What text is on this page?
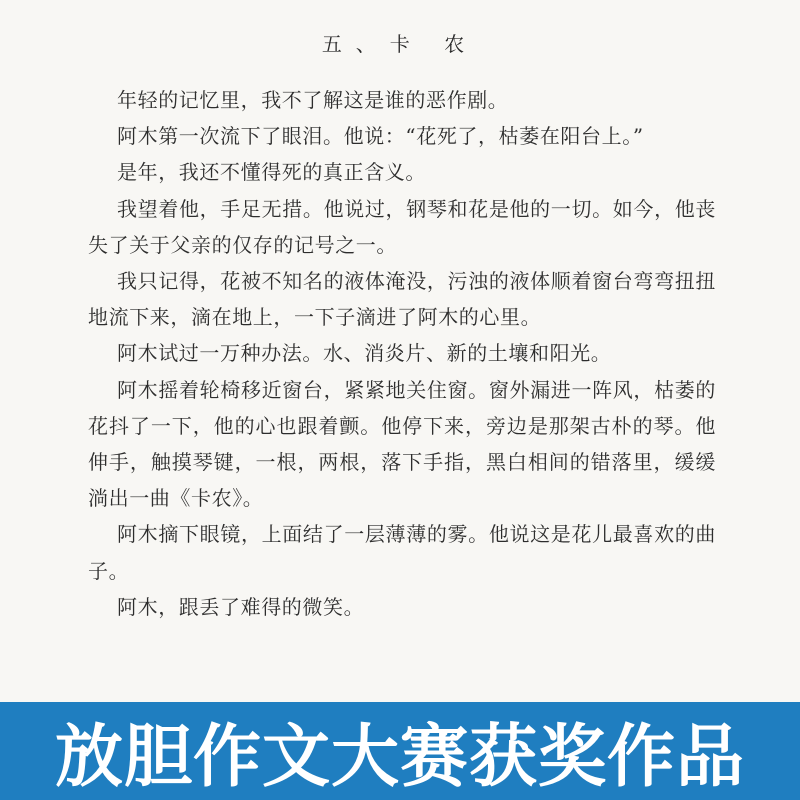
五、卡 农

年轻的记忆里，我不了解这是谁的恶作剧。

阿木第一次流下了眼泪。他说：“花死了，枯萎在阳台上。”

是年，我还不懂得死的真正含义。

我望着他，手足无措。他说过，钢琴和花是他的一切。如今，他丧失了关于父亲的仅存的记号之一。

我只记得，花被不知名的液体淹没，污浊的液体顺着窗台弯弯扭扭地流下来，滴在地上，一下子滴进了阿木的心里。

阿木试过一万种办法。水、消炎片、新的土壤和阳光。

阿木摇着轮椅移近窗台，紧紧地关住窗。窗外漏进一阵风，枯萎的花抖了一下，他的心也跟着颤。他停下来，旁边是那架古朴的琴。他伸手，触摸琴键，一根，两根，落下手指，黑白相间的错落里，缓缓淌出一曲《卡农》。

阿木摘下眼镜，上面结了一层薄薄的雾。他说这是花儿最喜欢的曲子。

阿木，跟丢了难得的微笑。

放胆作文大赛获奖作品
